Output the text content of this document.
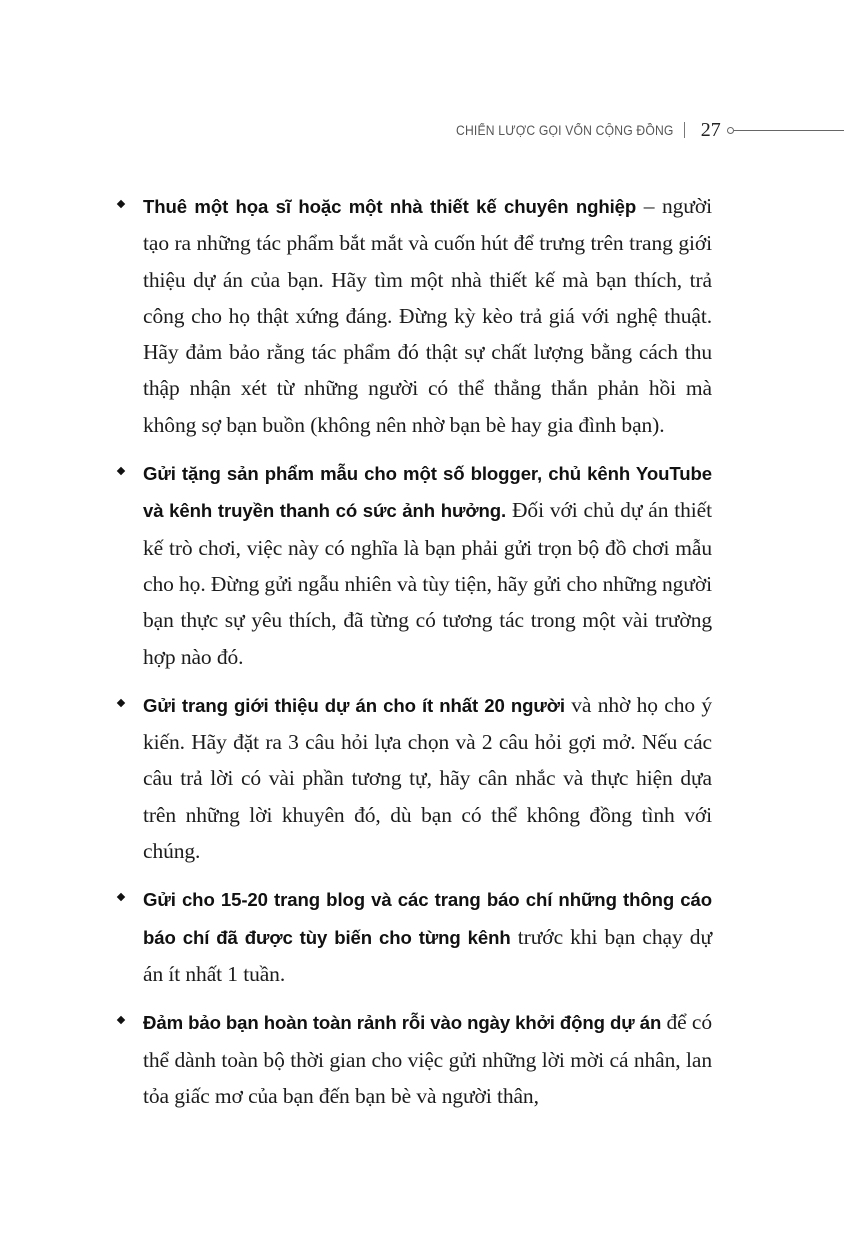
CHIẾN LƯỢC GỌI VỐN CỘNG ĐỒNG 27
Thuê một họa sĩ hoặc một nhà thiết kế chuyên nghiệp – người tạo ra những tác phẩm bắt mắt và cuốn hút để trưng trên trang giới thiệu dự án của bạn. Hãy tìm một nhà thiết kế mà bạn thích, trả công cho họ thật xứng đáng. Đừng kỳ kèo trả giá với nghệ thuật. Hãy đảm bảo rằng tác phẩm đó thật sự chất lượng bằng cách thu thập nhận xét từ những người có thể thẳng thắn phản hồi mà không sợ bạn buồn (không nên nhờ bạn bè hay gia đình bạn).
Gửi tặng sản phẩm mẫu cho một số blogger, chủ kênh YouTube và kênh truyền thanh có sức ảnh hưởng. Đối với chủ dự án thiết kế trò chơi, việc này có nghĩa là bạn phải gửi trọn bộ đồ chơi mẫu cho họ. Đừng gửi ngẫu nhiên và tùy tiện, hãy gửi cho những người bạn thực sự yêu thích, đã từng có tương tác trong một vài trường hợp nào đó.
Gửi trang giới thiệu dự án cho ít nhất 20 người và nhờ họ cho ý kiến. Hãy đặt ra 3 câu hỏi lựa chọn và 2 câu hỏi gợi mở. Nếu các câu trả lời có vài phần tương tự, hãy cân nhắc và thực hiện dựa trên những lời khuyên đó, dù bạn có thể không đồng tình với chúng.
Gửi cho 15-20 trang blog và các trang báo chí những thông cáo báo chí đã được tùy biến cho từng kênh trước khi bạn chạy dự án ít nhất 1 tuần.
Đảm bảo bạn hoàn toàn rảnh rỗi vào ngày khởi động dự án để có thể dành toàn bộ thời gian cho việc gửi những lời mời cá nhân, lan tỏa giấc mơ của bạn đến bạn bè và người thân,
